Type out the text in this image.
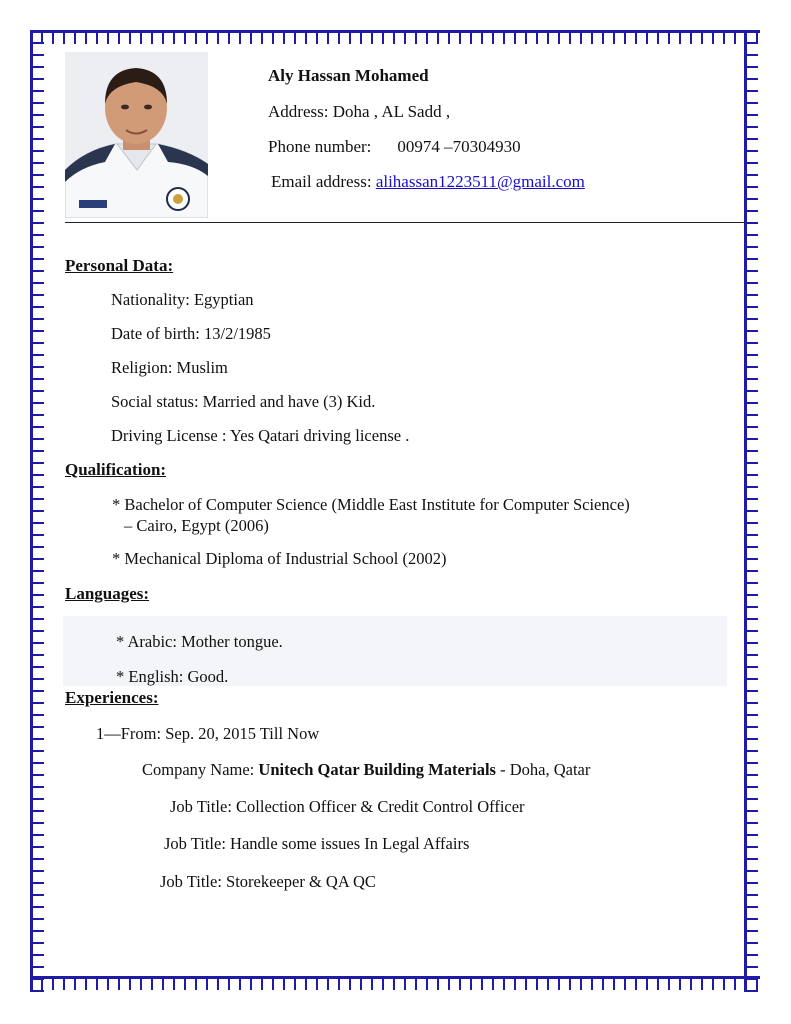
Aly Hassan Mohamed
Address: Doha , AL Sadd ,
Phone number: 00974 –70304930
Email address: alihassan1223511@gmail.com
Personal Data:
Nationality: Egyptian
Date of birth: 13/2/1985
Religion: Muslim
Social status: Married and have (3) Kid.
Driving License : Yes Qatari driving license .
Qualification:
* Bachelor of Computer Science (Middle East Institute for Computer Science)
– Cairo, Egypt (2006)
* Mechanical Diploma of Industrial School (2002)
Languages:
* Arabic: Mother tongue.
* English: Good.
Experiences:
1—From: Sep. 20, 2015 Till Now
Company Name: Unitech Qatar Building Materials - Doha, Qatar
Job Title: Collection Officer & Credit Control Officer
Job Title: Handle some issues In Legal Affairs
Job Title: Storekeeper & QA QC
